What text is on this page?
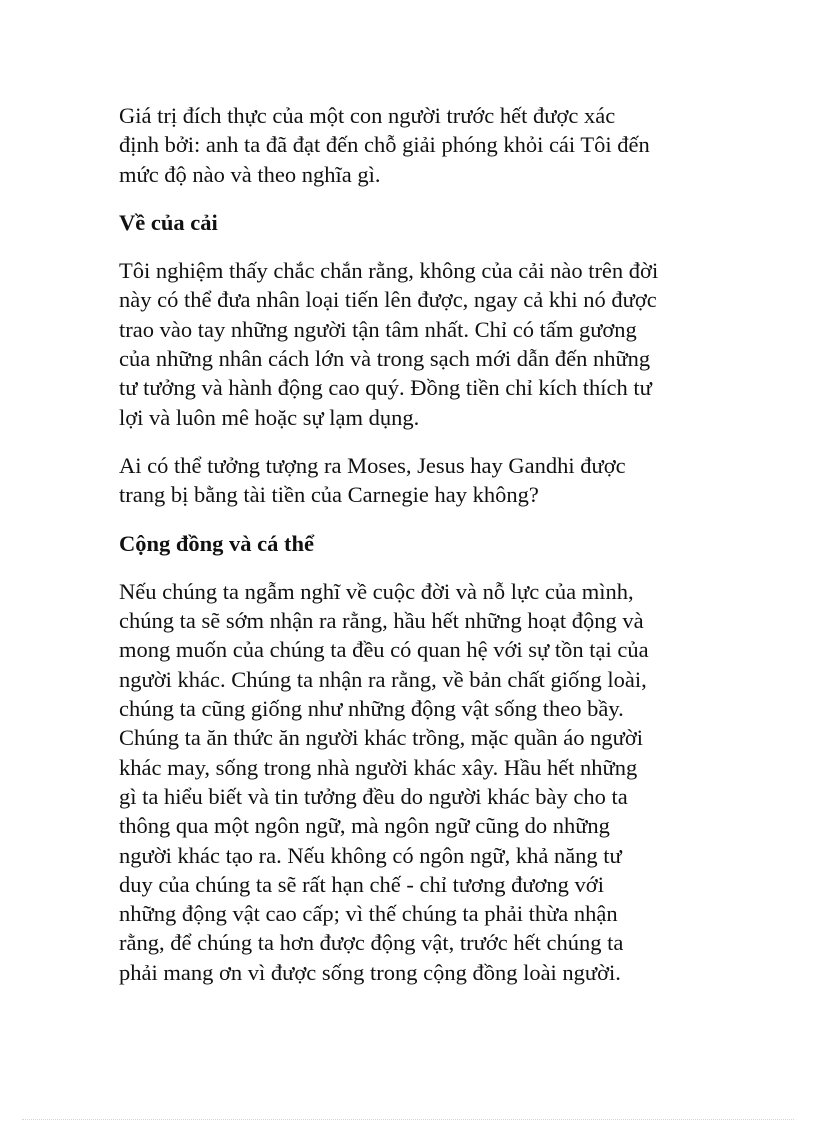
Giá trị đích thực của một con người trước hết được xác
định bởi: anh ta đã đạt đến chỗ giải phóng khỏi cái Tôi đến
mức độ nào và theo nghĩa gì.

Về của cải

Tôi nghiệm thấy chắc chắn rằng, không của cải nào trên đời
này có thể đưa nhân loại tiến lên được, ngay cả khi nó được
trao vào tay những người tận tâm nhất. Chỉ có tấm gương
của những nhân cách lớn và trong sạch mới dẫn đến những
tư tưởng và hành động cao quý. Đồng tiền chỉ kích thích tư
lợi và luôn mê hoặc sự lạm dụng.

Ai có thể tưởng tượng ra Moses, Jesus hay Gandhi được
trang bị bằng tài tiền của Carnegie hay không?

Cộng đồng và cá thể

Nếu chúng ta ngẫm nghĩ về cuộc đời và nỗ lực của mình,
chúng ta sẽ sớm nhận ra rằng, hầu hết những hoạt động và
mong muốn của chúng ta đều có quan hệ với sự tồn tại của
người khác. Chúng ta nhận ra rằng, về bản chất giống loài,
chúng ta cũng giống như những động vật sống theo bầy.
Chúng ta ăn thức ăn người khác trồng, mặc quần áo người
khác may, sống trong nhà người khác xây. Hầu hết những
gì ta hiểu biết và tin tưởng đều do người khác bày cho ta
thông qua một ngôn ngữ, mà ngôn ngữ cũng do những
người khác tạo ra. Nếu không có ngôn ngữ, khả năng tư
duy của chúng ta sẽ rất hạn chế - chỉ tương đương với
những động vật cao cấp; vì thế chúng ta phải thừa nhận
rằng, để chúng ta hơn được động vật, trước hết chúng ta
phải mang ơn vì được sống trong cộng đồng loài người.
